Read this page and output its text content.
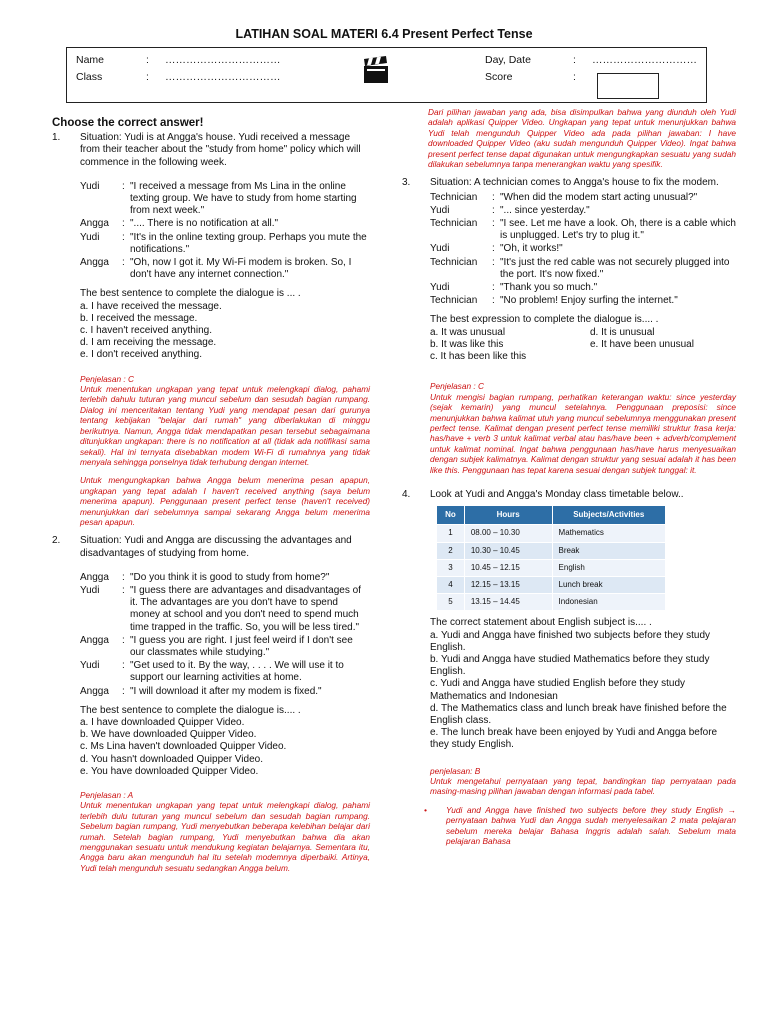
LATIHAN SOAL MATERI 6.4 Present Perfect Tense
Name	: ……………………………
Class	: ……………………………
Day, Date	: …………………………
Score	:

Choose the correct answer!

1. Situation: Yudi is at Angga's house. Yudi received a message from their teacher about the "study from home" policy which will commence in the following week.

Yudi	: "I received a message from Ms Lina in the online texting group. We have to study from home starting from next week."
Angga	: ".... There is no notification at all."
Yudi	: "It's in the online texting group. Perhaps you mute the notifications."
Angga	: "Oh, now I got it. My Wi-Fi modem is broken. So, I don't have any internet connection."

The best sentence to complete the dialogue is ... .

a. I have received the message.
b. I received the message.
c. I haven't received anything.
d. I am receiving the message.
e. I don't received anything.

Penjelasan : C

Untuk menentukan ungkapan yang tepat untuk melengkapi dialog, pahami terlebih dahulu tuturan yang muncul sebelum dan sesudah bagian rumpang. Dialog ini menceritakan tentang Yudi yang mendapat pesan dari gurunya tentang kebijakan "belajar dari rumah" yang diberlakukan di minggu berikutnya. Namun, Angga tidak mendapatkan pesan tersebut sebagaimana ditunjukkan ungkapan: there is no notification at all (tidak ada notifikasi sama sekali). Hal ini ternyata disebabkan modem Wi-Fi di rumahnya yang tidak menyala sehingga ponselnya tidak terhubung dengan internet.

Untuk mengungkapkan bahwa Angga belum menerima pesan apapun, ungkapan yang tepat adalah I haven't received anything (saya belum menerima apapun). Penggunaan present perfect tense (haven't received) menunjukkan dari sebelumnya sampai sekarang Angga belum menerima pesan apapun.

2. Situation: Yudi and Angga are discussing the advantages and disadvantages of studying from home.

Angga	: "Do you think it is good to study from home?"
Yudi	: "I guess there are advantages and disadvantages of it. The advantages are you don't have to spend money at school and you don't need to spend much time trapped in the traffic. So, you will be less tired."
Angga	: "I guess you are right. I just feel weird if I don't see our classmates while studying."
Yudi	: "Get used to it. By the way, . . . . We will use it to support our learning activities at home.
Angga	: "I will download it after my modem is fixed."

The best sentence to complete the dialogue is.... .

a. I have downloaded Quipper Video.
b. We have downloaded Quipper Video.
c. Ms Lina haven't downloaded Quipper Video.
d. You hasn't downloaded Quipper Video.
e. You have downloaded Quipper Video.

Penjelasan : A

Untuk menentukan ungkapan yang tepat untuk melengkapi dialog, pahami terlebih dulu tuturan yang muncul sebelum dan sesudah bagian rumpang. Sebelum bagian rumpang, Yudi menyebutkan beberapa kelebihan belajar dari rumah. Setelah bagian rumpang, Yudi menyebutkan bahwa dia akan menggunakan sesuatu untuk mendukung kegiatan belajarnya. Sementara itu, Angga baru akan mengunduh hal itu setelah modemnya diperbaiki. Artinya, Yudi telah mengunduh sesuatu sedangkan Angga belum.

Dari pilihan jawaban yang ada, bisa disimpulkan bahwa yang diunduh oleh Yudi adalah aplikasi Quipper Video. Ungkapan yang tepat untuk menunjukkan bahwa Yudi telah mengunduh Quipper Video ada pada pilihan jawaban: I have downloaded Quipper Video (aku sudah mengunduh Quipper Video). Ingat bahwa present perfect tense dapat digunakan untuk mengungkapkan sesuatu yang sudah dilakukan sebelumnya tanpa menerangkan waktu yang spesifik.

3. Situation: A technician comes to Angga's house to fix the modem.

Technician	: "When did the modem start acting unusual?"
Yudi	: "... since yesterday."
Technician	: "I see. Let me have a look. Oh, there is a cable which is unplugged. Let's try to plug it."
Yudi	: "Oh, it works!"
Technician	: "It's just the red cable was not securely plugged into the port. It's now fixed."
Yudi	: "Thank you so much."
Technician	: "No problem! Enjoy surfing the internet."

The best expression to complete the dialogue is.... .

a. It was unusual	d. It is unusual
b. It was like this	e. It have been unusual
c. It has been like this

Penjelasan : C

Untuk mengisi bagian rumpang, perhatikan keterangan waktu: since yesterday (sejak kemarin) yang muncul setelahnya. Penggunaan preposisi: since menunjukkan bahwa kalimat utuh yang muncul sebelumnya menggunakan present perfect tense. Kalimat dengan present perfect tense memiliki struktur frasa kerja: has/have + verb 3 untuk kalimat verbal atau has/have been + adverb/complement untuk kalimat nominal. Ingat bahwa penggunaan has/have harus menyesuaikan dengan subjek kalimatnya. Kalimat dengan struktur yang sesuai adalah it has been like this. Penggunaan has tepat karena sesuai dengan subjek tunggal: it.

4. Look at Yudi and Angga's Monday class timetable below..

No	Hours	Subjects/Activities
1	08.00 – 10.30	Mathematics
2	10.30 – 10.45	Break
3	10.45 – 12.15	English
4	12.15 – 13.15	Lunch break
5	13.15 – 14.45	Indonesian

The correct statement about English subject is.... .

a. Yudi and Angga have finished two subjects before they study English.
b. Yudi and Angga have studied Mathematics before they study English.
c. Yudi and Angga have studied English before they study Mathematics and Indonesian
d. The Mathematics class and lunch break have finished before the English class.
e. The lunch break have been enjoyed by Yudi and Angga before they study English.

penjelasan: B

Untuk mengetahui pernyataan yang tepat, bandingkan tiap pernyataan pada masing-masing pilihan jawaban dengan informasi pada tabel.

•	Yudi and Angga have finished two subjects before they study English → pernyataan bahwa Yudi dan Angga sudah menyelesaikan 2 mata pelajaran sebelum mereka belajar Bahasa Inggris adalah salah. Sebelum mata pelajaran Bahasa
